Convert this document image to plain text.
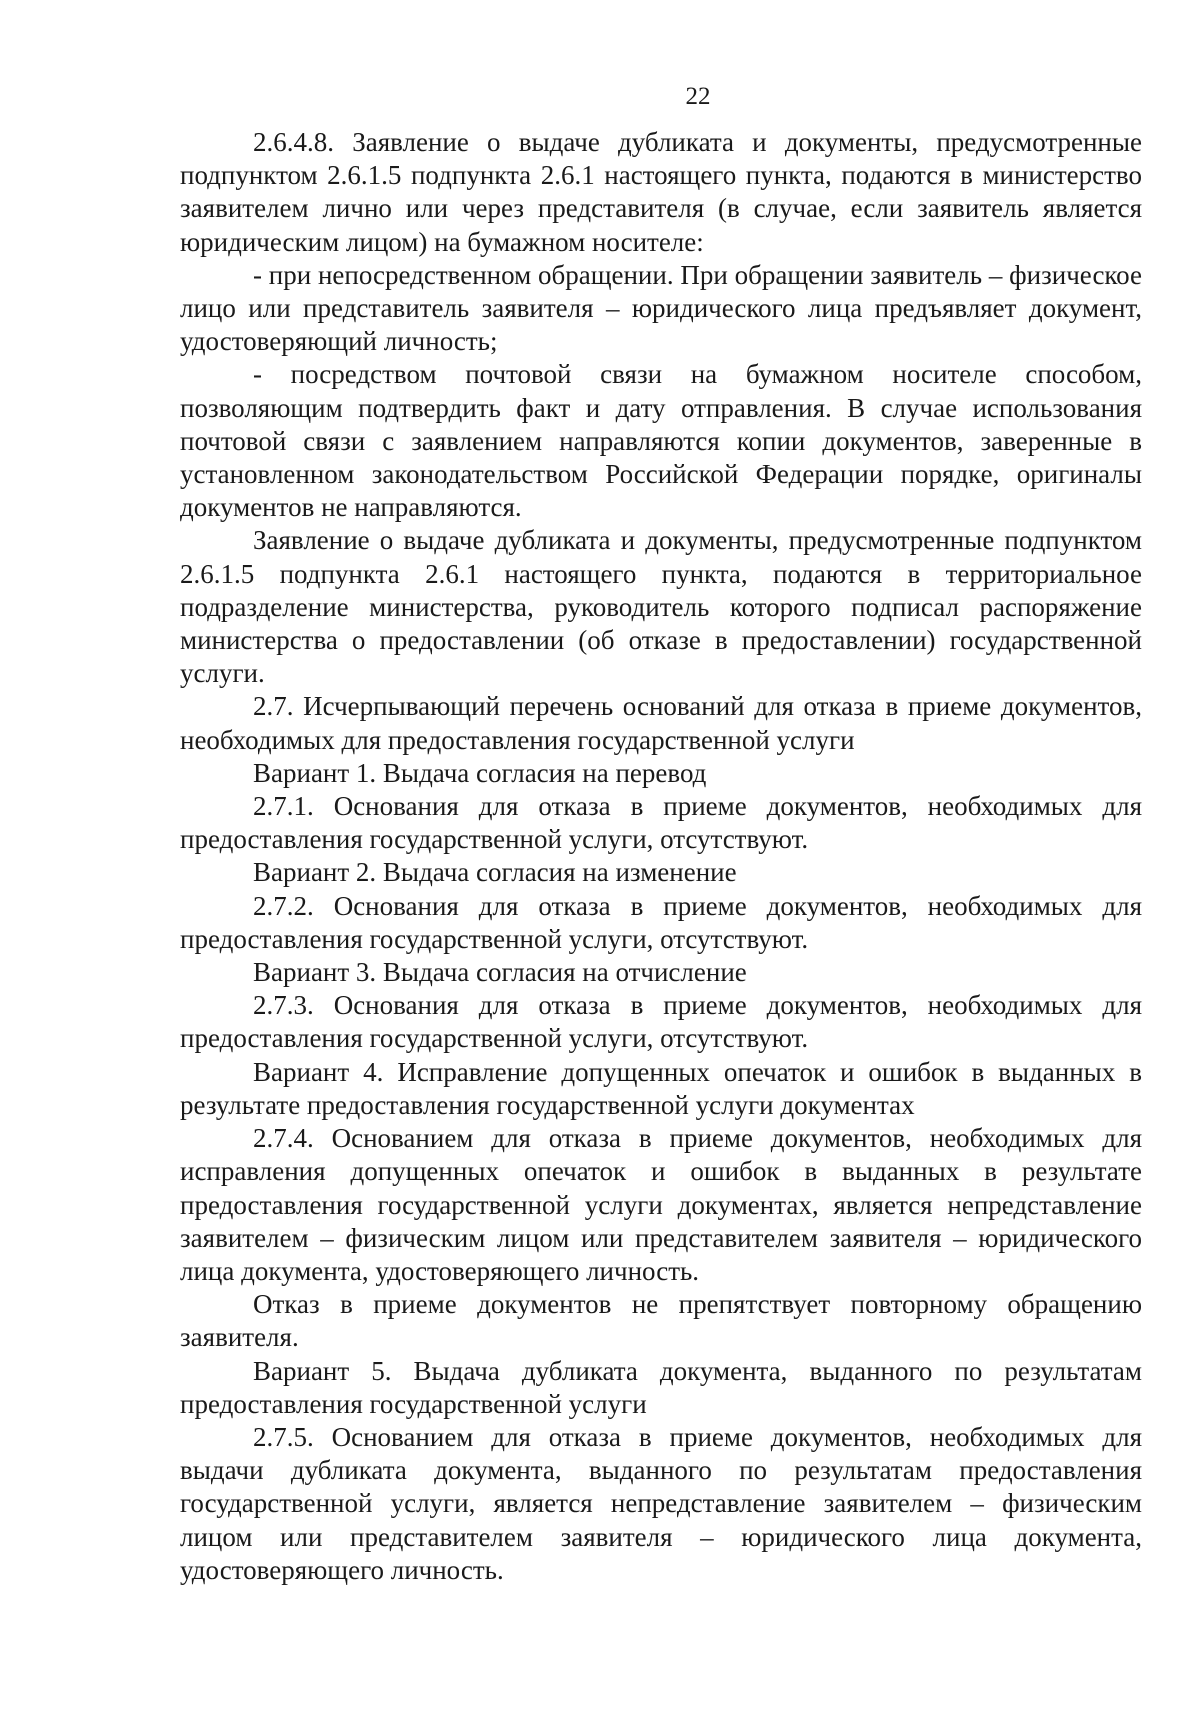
22

2.6.4.8. Заявление о выдаче дубликата и документы, предусмотренные подпунктом 2.6.1.5 подпункта 2.6.1 настоящего пункта, подаются в министерство заявителем лично или через представителя (в случае, если заявитель является юридическим лицом) на бумажном носителе:

- при непосредственном обращении. При обращении заявитель – физическое лицо или представитель заявителя – юридического лица предъявляет документ, удостоверяющий личность;

- посредством почтовой связи на бумажном носителе способом, позволяющим подтвердить факт и дату отправления. В случае использования почтовой связи с заявлением направляются копии документов, заверенные в установленном законодательством Российской Федерации порядке, оригиналы документов не направляются.

Заявление о выдаче дубликата и документы, предусмотренные подпунктом 2.6.1.5 подпункта 2.6.1 настоящего пункта, подаются в территориальное подразделение министерства, руководитель которого подписал распоряжение министерства о предоставлении (об отказе в предоставлении) государственной услуги.

2.7. Исчерпывающий перечень оснований для отказа в приеме документов, необходимых для предоставления государственной услуги

Вариант 1. Выдача согласия на перевод

2.7.1. Основания для отказа в приеме документов, необходимых для предоставления государственной услуги, отсутствуют.

Вариант 2. Выдача согласия на изменение

2.7.2. Основания для отказа в приеме документов, необходимых для предоставления государственной услуги, отсутствуют.

Вариант 3. Выдача согласия на отчисление

2.7.3. Основания для отказа в приеме документов, необходимых для предоставления государственной услуги, отсутствуют.

Вариант 4. Исправление допущенных опечаток и ошибок в выданных в результате предоставления государственной услуги документах

2.7.4. Основанием для отказа в приеме документов, необходимых для исправления допущенных опечаток и ошибок в выданных в результате предоставления государственной услуги документах, является непредставление заявителем – физическим лицом или представителем заявителя – юридического лица документа, удостоверяющего личность.

Отказ в приеме документов не препятствует повторному обращению заявителя.

Вариант 5. Выдача дубликата документа, выданного по результатам предоставления государственной услуги

2.7.5. Основанием для отказа в приеме документов, необходимых для выдачи дубликата документа, выданного по результатам предоставления государственной услуги, является непредставление заявителем – физическим лицом или представителем заявителя – юридического лица документа, удостоверяющего личность.
